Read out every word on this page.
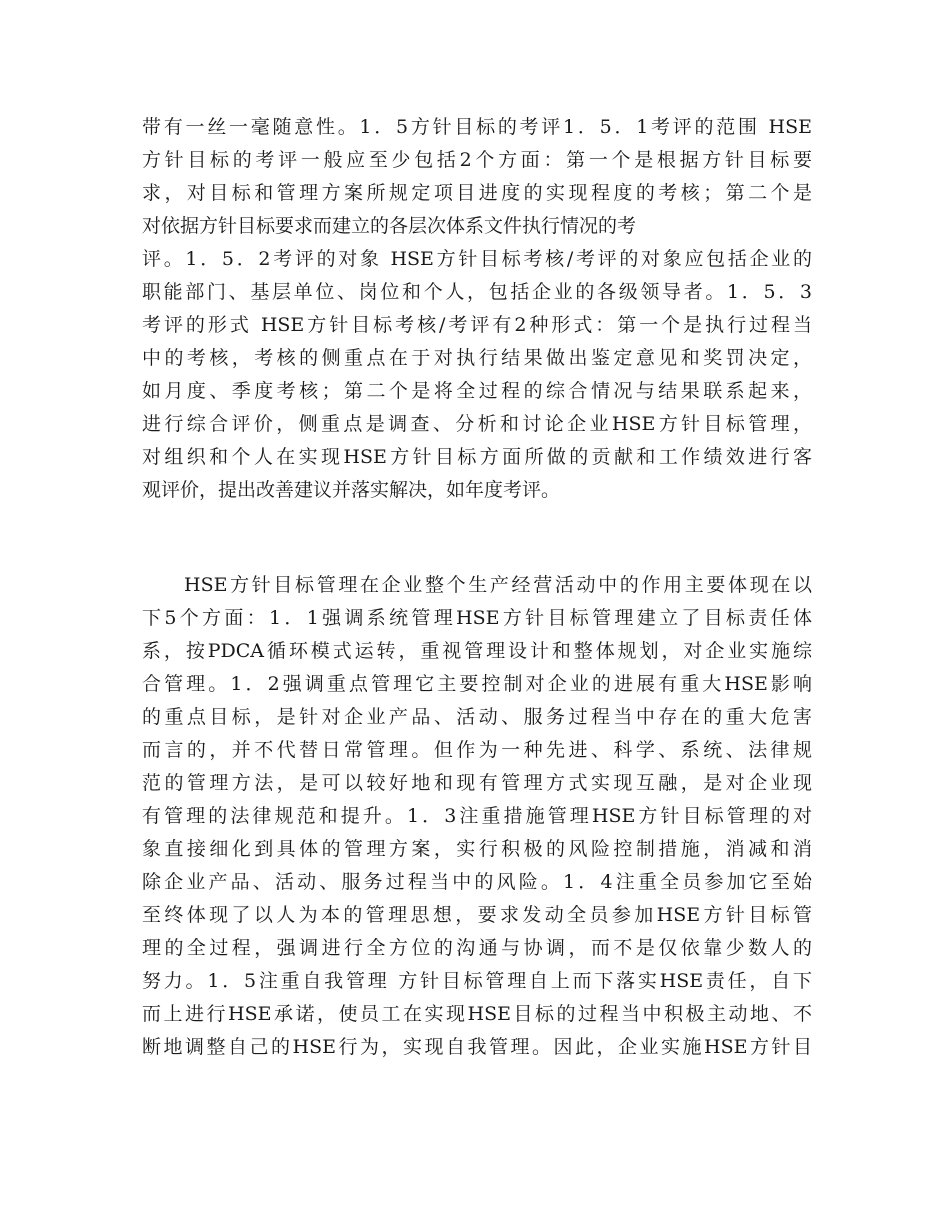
带有一丝一毫随意性。1．5方针目标的考评1．5．1考评的范围 HSE
方针目标的考评一般应至少包括2个方面：第一个是根据方针目标要
求，对目标和管理方案所规定项目进度的实现程度的考核；第二个是
对依据方针目标要求而建立的各层次体系文件执行情况的考
评。1．5．2考评的对象 HSE方针目标考核/考评的对象应包括企业的
职能部门、基层单位、岗位和个人，包括企业的各级领导者。1．5．3
考评的形式 HSE方针目标考核/考评有2种形式：第一个是执行过程当
中的考核，考核的侧重点在于对执行结果做出鉴定意见和奖罚决定，
如月度、季度考核；第二个是将全过程的综合情况与结果联系起来，
进行综合评价，侧重点是调查、分析和讨论企业HSE方针目标管理，
对组织和个人在实现HSE方针目标方面所做的贡献和工作绩效进行客
观评价，提出改善建议并落实解决，如年度考评。
HSE方针目标管理在企业整个生产经营活动中的作用主要体现在以
下5个方面：1．1强调系统管理HSE方针目标管理建立了目标责任体
系，按PDCA循环模式运转，重视管理设计和整体规划，对企业实施综
合管理。1．2强调重点管理它主要控制对企业的进展有重大HSE影响
的重点目标，是针对企业产品、活动、服务过程当中存在的重大危害
而言的，并不代替日常管理。但作为一种先进、科学、系统、法律规
范的管理方法，是可以较好地和现有管理方式实现互融，是对企业现
有管理的法律规范和提升。1．3注重措施管理HSE方针目标管理的对
象直接细化到具体的管理方案，实行积极的风险控制措施，消减和消
除企业产品、活动、服务过程当中的风险。1．4注重全员参加它至始
至终体现了以人为本的管理思想，要求发动全员参加HSE方针目标管
理的全过程，强调进行全方位的沟通与协调，而不是仅依靠少数人的
努力。1．5注重自我管理 方针目标管理自上而下落实HSE责任，自下
而上进行HSE承诺，使员工在实现HSE目标的过程当中积极主动地、不
断地调整自己的HSE行为，实现自我管理。因此，企业实施HSE方针目
